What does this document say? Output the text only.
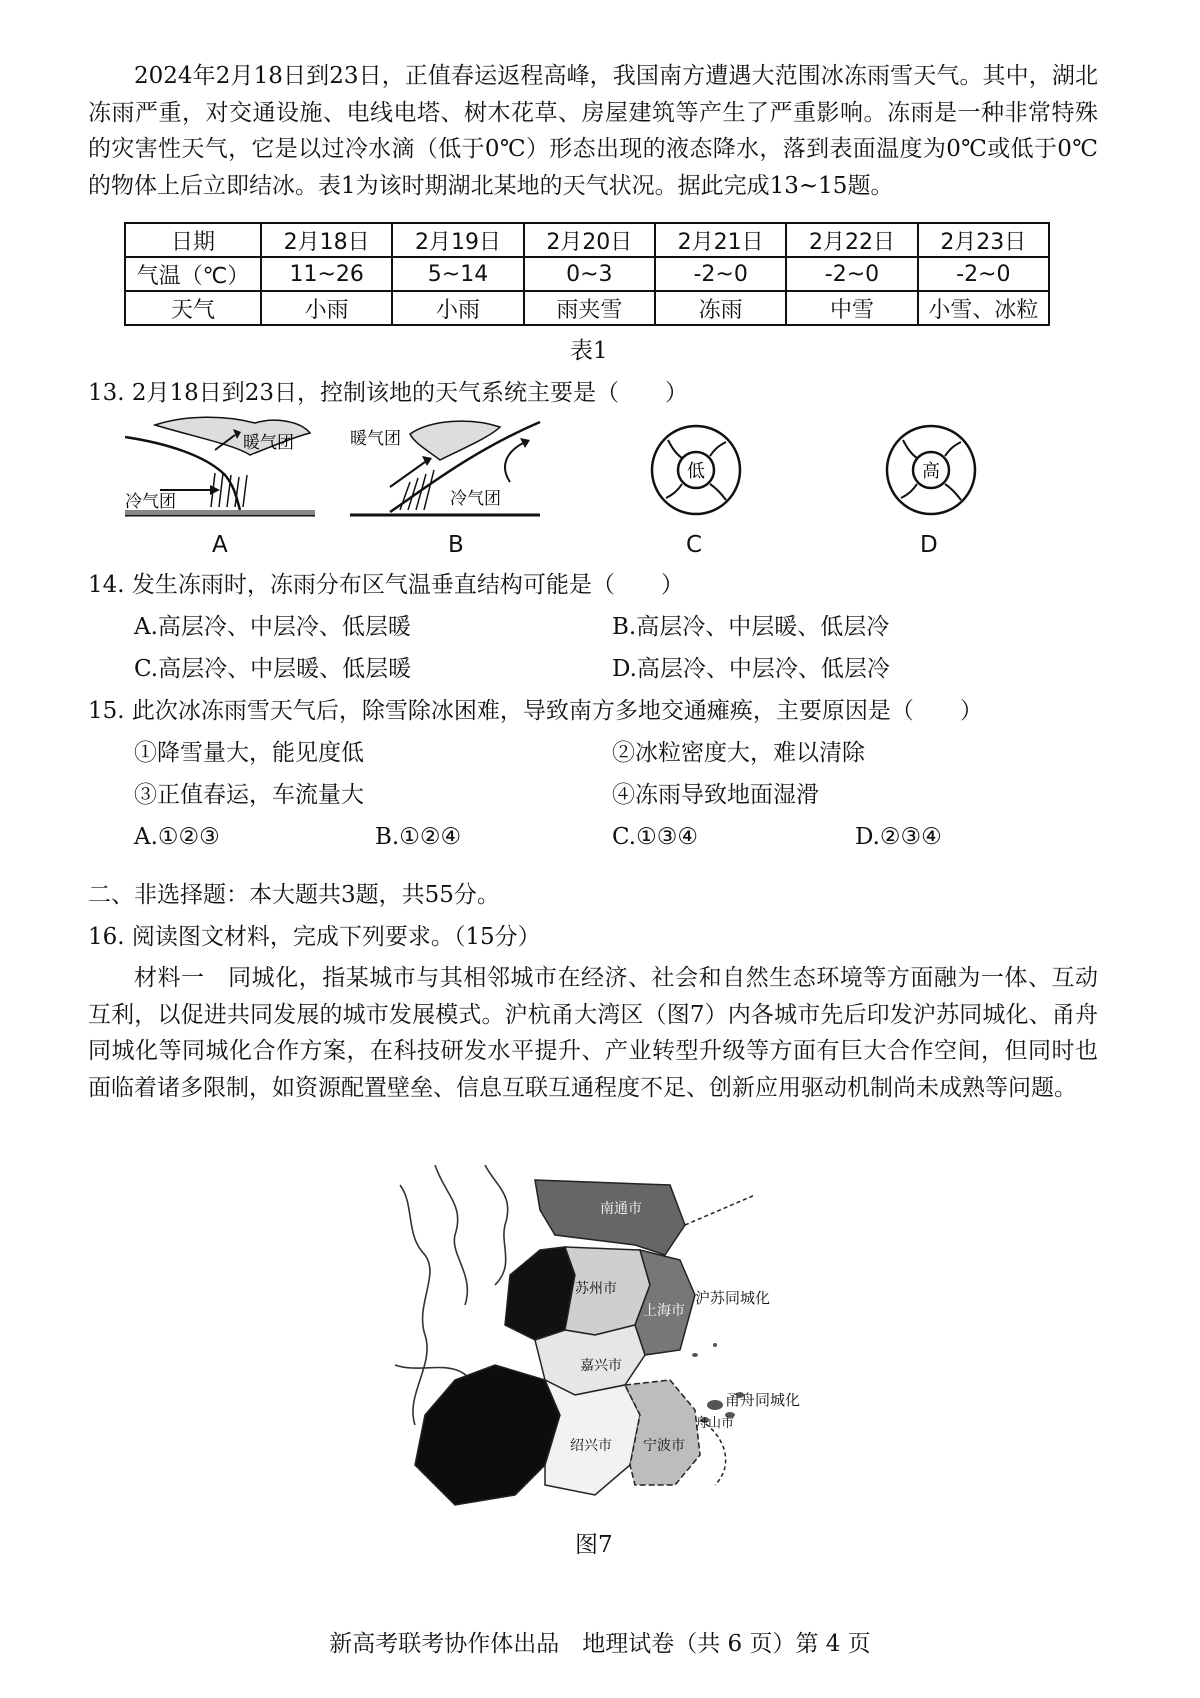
2024年2月18日到23日，正值春运返程高峰，我国南方遭遇大范围冰冻雨雪天气。其中，湖北冻雨严重，对交通设施、电线电塔、树木花草、房屋建筑等产生了严重影响。冻雨是一种非常特殊的灾害性天气，它是以过冷水滴（低于0℃）形态出现的液态降水，落到表面温度为0℃或低于0℃的物体上后立即结冰。表1为该时期湖北某地的天气状况。据此完成13~15题。

日期	2月18日	2月19日	2月20日	2月21日	2月22日	2月23日
气温（℃）	11~26	5~14	0~3	-2~0	-2~0	-2~0
天气	小雨	小雨	雨夹雪	冻雨	中雪	小雪、冰粒
表1
13. 2月18日到23日，控制该地的天气系统主要是（　　）
暖气团
冷气团
A
暖气团
冷气团
B
低
C
高
D
14. 发生冻雨时，冻雨分布区气温垂直结构可能是（　　）
A.高层冷、中层冷、低层暖	B.高层冷、中层暖、低层冷
C.高层冷、中层暖、低层暖	D.高层冷、中层冷、低层冷
15. 此次冰冻雨雪天气后，除雪除冰困难，导致南方多地交通瘫痪，主要原因是（　　）
①降雪量大，能见度低	②冰粒密度大，难以清除
③正值春运，车流量大	④冻雨导致地面湿滑
A.①②③	B.①②④	C.①③④	D.②③④
二、非选择题：本大题共3题，共55分。
16. 阅读图文材料，完成下列要求。（15分）

材料一　同城化，指某城市与其相邻城市在经济、社会和自然生态环境等方面融为一体、互动互利，以促进共同发展的城市发展模式。沪杭甬大湾区（图7）内各城市先后印发沪苏同城化、甬舟同城化等同城化合作方案，在科技研发水平提升、产业转型升级等方面有巨大合作空间，但同时也面临着诸多限制，如资源配置壁垒、信息互联互通程度不足、创新应用驱动机制尚未成熟等问题。

南通市
苏州市
上海市
嘉兴市
绍兴市 宁波市
舟山市
沪苏同城化
甬舟同城化
图7
新高考联考协作体出品　地理试卷（共 6 页）第 4 页
